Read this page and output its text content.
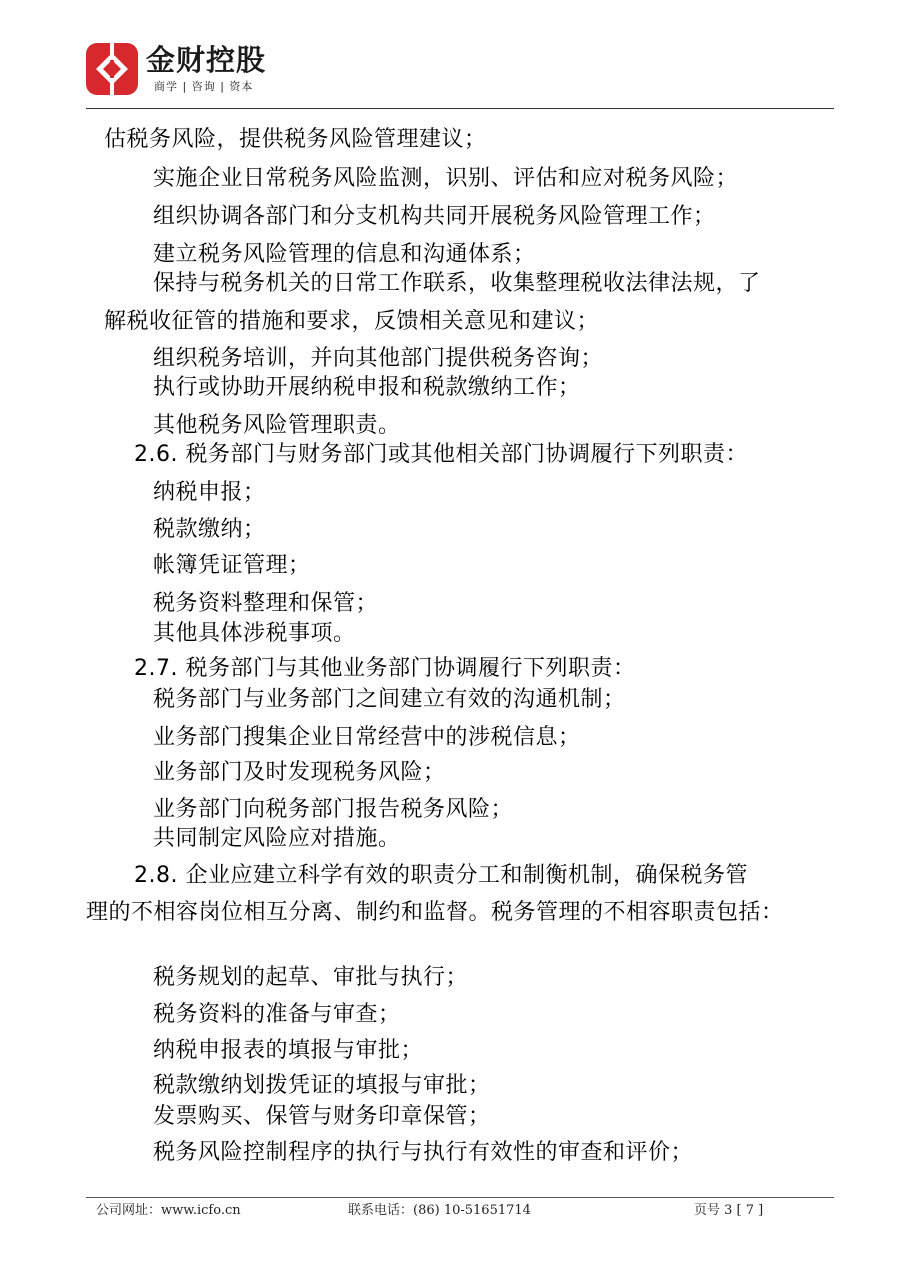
金财控股
商学 | 咨询 | 资本
估税务风险，提供税务风险管理建议；
实施企业日常税务风险监测，识别、评估和应对税务风险；
组织协调各部门和分支机构共同开展税务风险管理工作；
建立税务风险管理的信息和沟通体系；
保持与税务机关的日常工作联系，收集整理税收法律法规，了
解税收征管的措施和要求，反馈相关意见和建议；
组织税务培训，并向其他部门提供税务咨询；
执行或协助开展纳税申报和税款缴纳工作；
其他税务风险管理职责。
2.6. 税务部门与财务部门或其他相关部门协调履行下列职责：
纳税申报；
税款缴纳；
帐簿凭证管理；
税务资料整理和保管；
其他具体涉税事项。
2.7. 税务部门与其他业务部门协调履行下列职责：
税务部门与业务部门之间建立有效的沟通机制；
业务部门搜集企业日常经营中的涉税信息；
业务部门及时发现税务风险；
业务部门向税务部门报告税务风险；
共同制定风险应对措施。
2.8. 企业应建立科学有效的职责分工和制衡机制，确保税务管
理的不相容岗位相互分离、制约和监督。税务管理的不相容职责包括：
税务规划的起草、审批与执行；
税务资料的准备与审查；
纳税申报表的填报与审批；
税款缴纳划拨凭证的填报与审批；
发票购买、保管与财务印章保管；
税务风险控制程序的执行与执行有效性的审查和评价；
公司网址：www.icfo.cn	联系电话：(86) 10-51651714	页号 3 [ 7 ]
